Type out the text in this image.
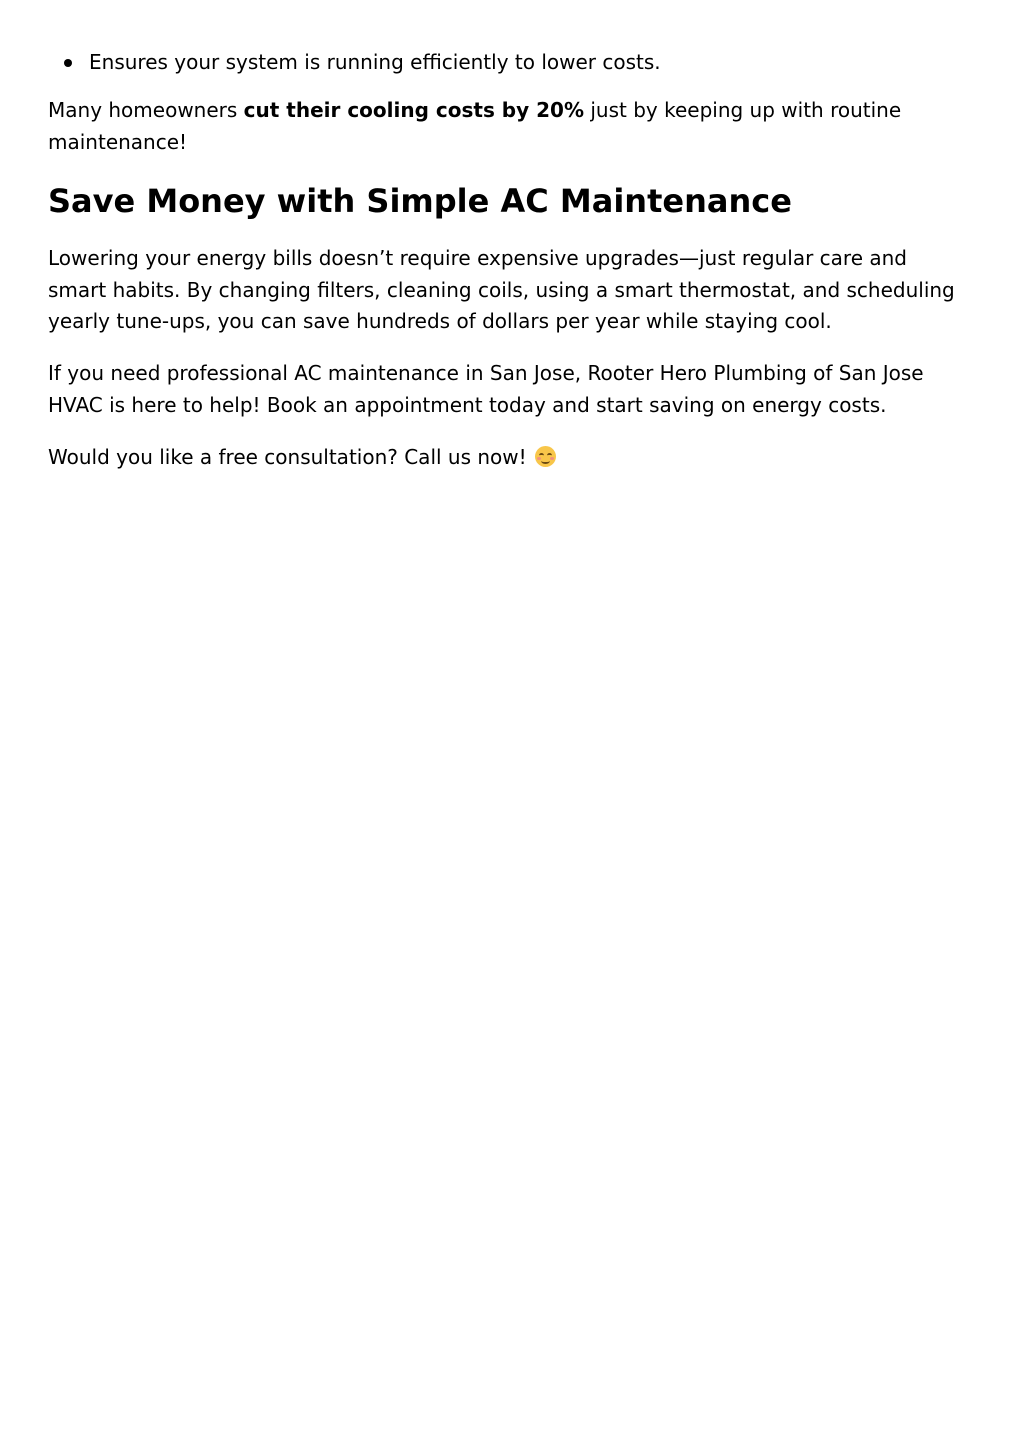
Ensures your system is running efficiently to lower costs.

Many homeowners cut their cooling costs by 20% just by keeping up with routine maintenance!

Save Money with Simple AC Maintenance

Lowering your energy bills doesn’t require expensive upgrades—just regular care and smart habits. By changing filters, cleaning coils, using a smart thermostat, and scheduling yearly tune-ups, you can save hundreds of dollars per year while staying cool.

If you need professional AC maintenance in San Jose, Rooter Hero Plumbing of San Jose HVAC is here to help! Book an appointment today and start saving on energy costs.

Would you like a free consultation? Call us now!
